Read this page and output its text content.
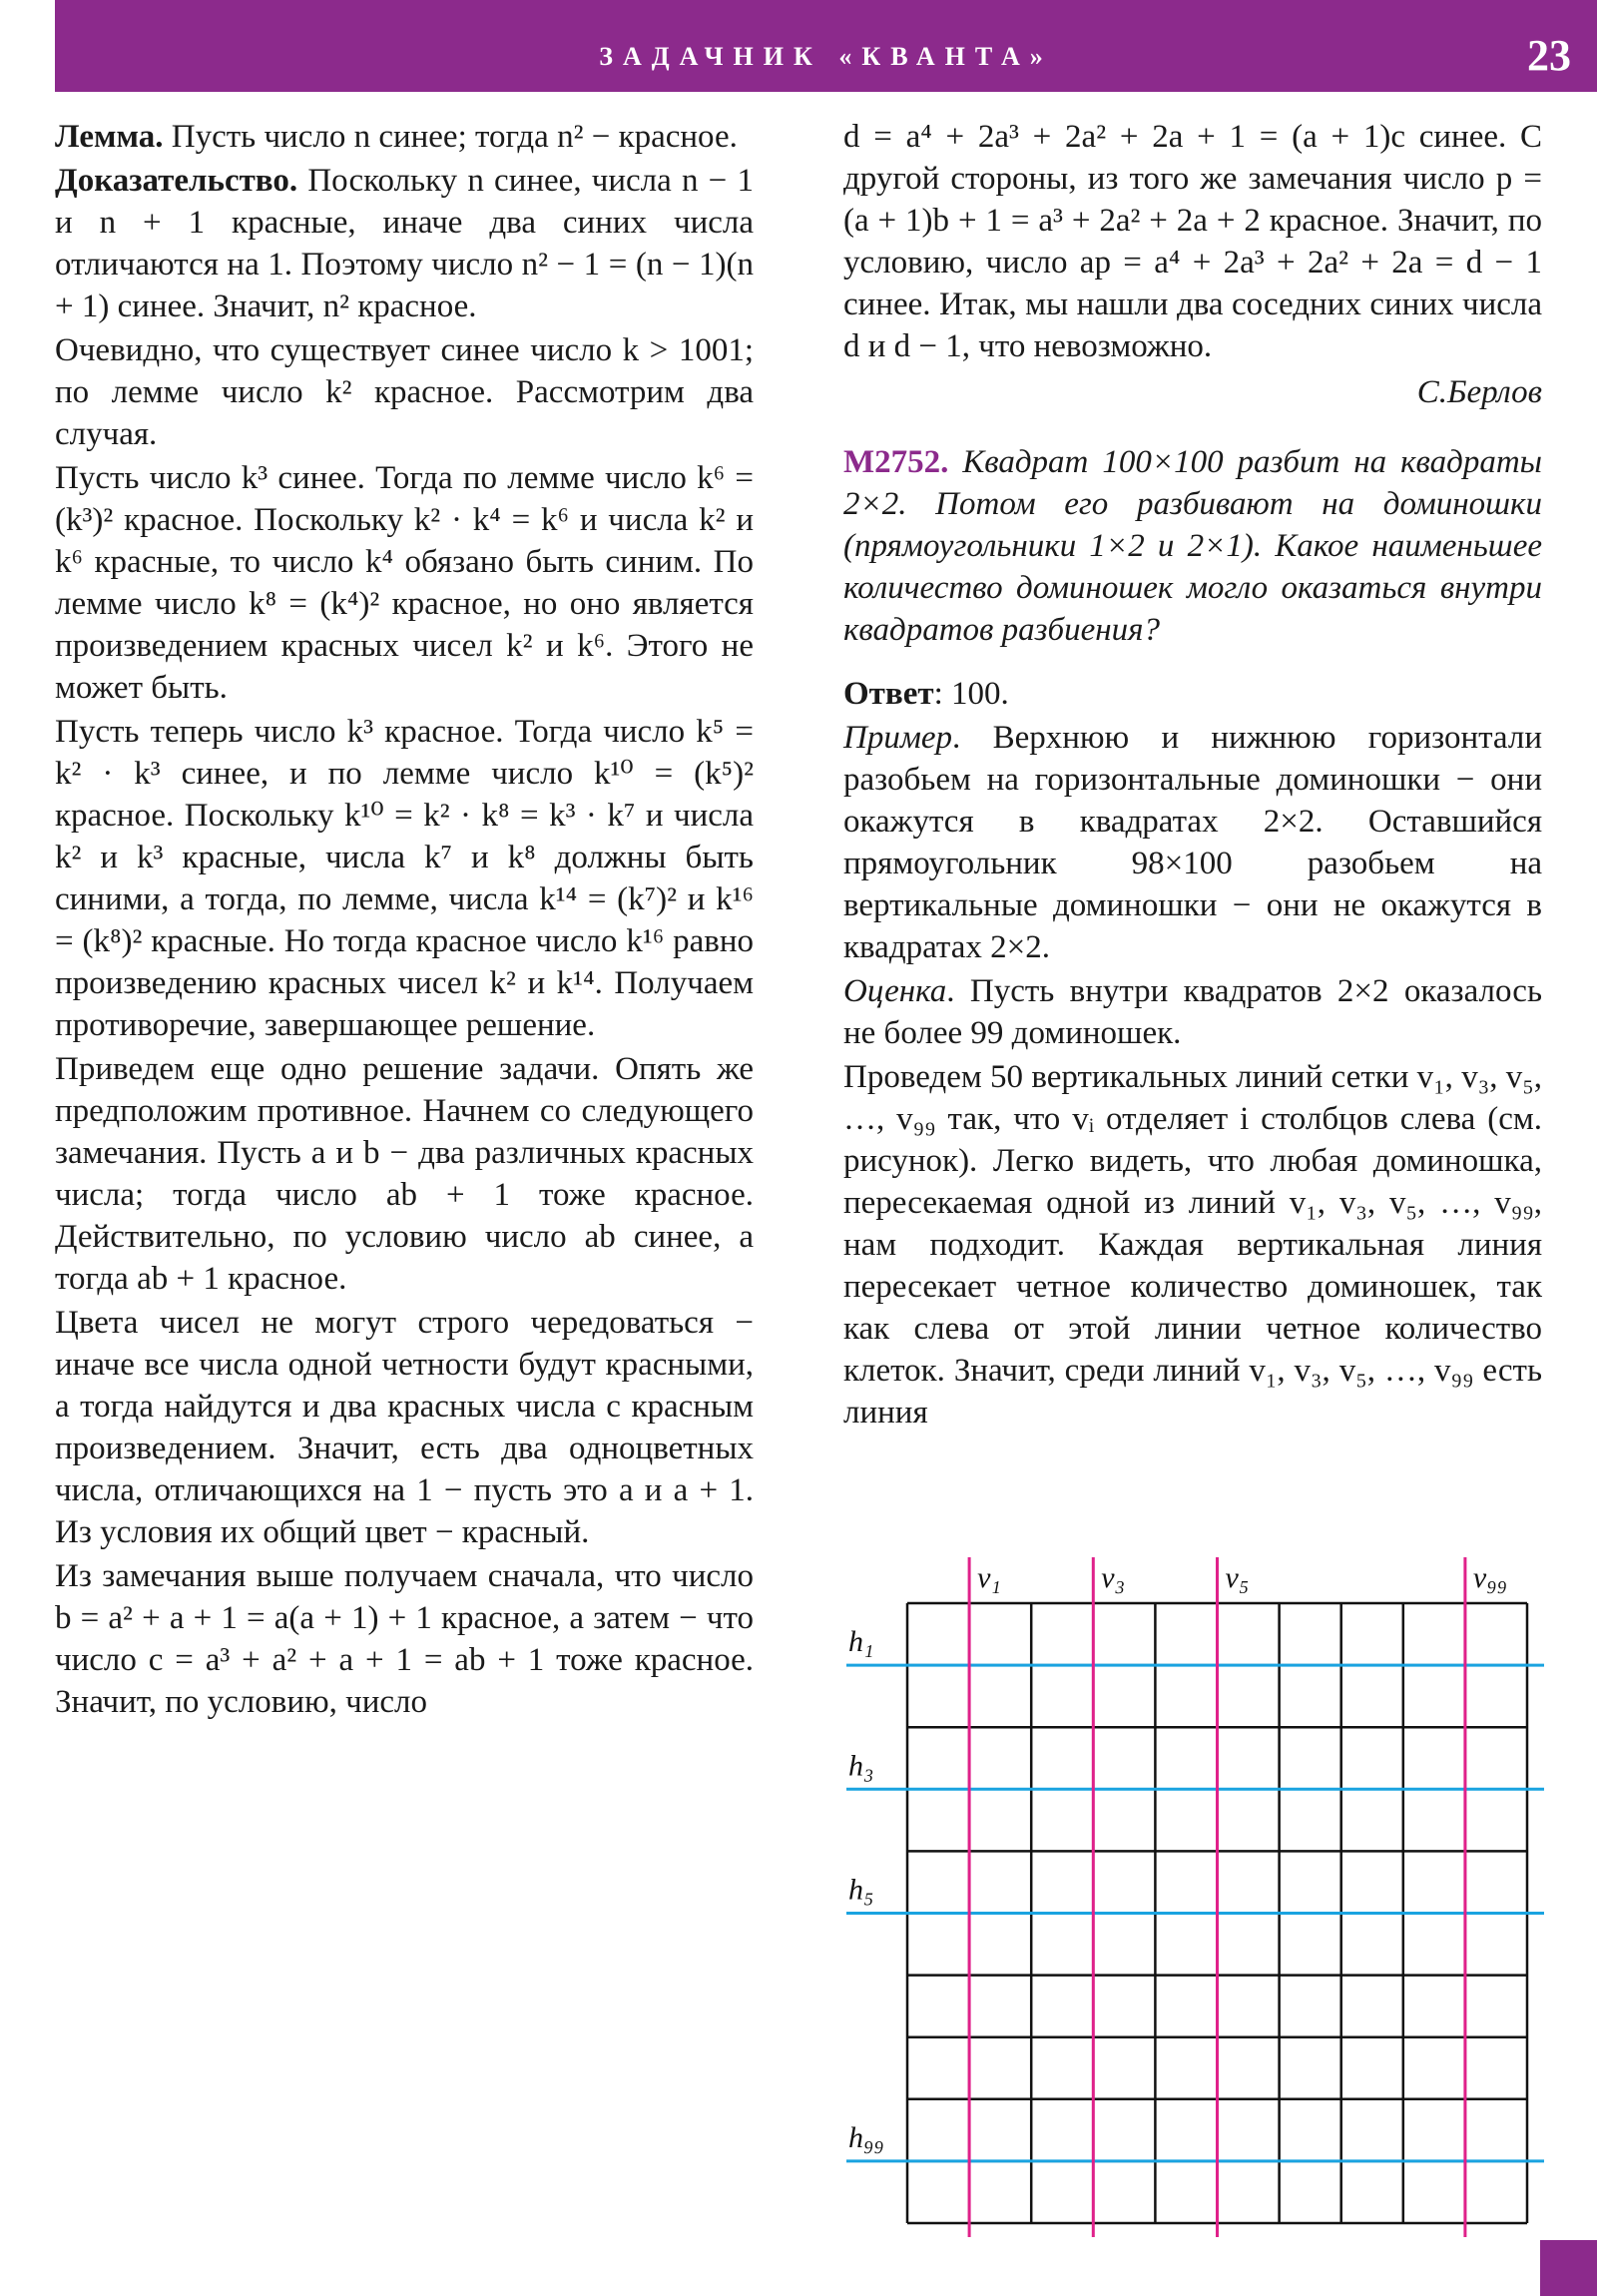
ЗАДАЧНИК «КВАНТА»	23

Лемма. Пусть число n синее; тогда n² − красное.

Доказательство. Поскольку n синее, числа n − 1 и n + 1 красные, иначе два синих числа отличаются на 1. Поэтому число n² − 1 = (n − 1)(n + 1) синее. Значит, n² красное.

Очевидно, что существует синее число k > 1001; по лемме число k² красное. Рассмотрим два случая.

Пусть число k³ синее. Тогда по лемме число k⁶ = (k³)² красное. Поскольку k² · k⁴ = k⁶ и числа k² и k⁶ красные, то число k⁴ обязано быть синим. По лемме число k⁸ = (k⁴)² красное, но оно является произведением красных чисел k² и k⁶. Этого не может быть.

Пусть теперь число k³ красное. Тогда число k⁵ = k² · k³ синее, и по лемме число k¹⁰ = (k⁵)² красное. Поскольку k¹⁰ = k² · k⁸ = k³ · k⁷ и числа k² и k³ красные, числа k⁷ и k⁸ должны быть синими, а тогда, по лемме, числа k¹⁴ = (k⁷)² и k¹⁶ = (k⁸)² красные. Но тогда красное число k¹⁶ равно произведению красных чисел k² и k¹⁴. Получаем противоречие, завершающее решение.

Приведем еще одно решение задачи. Опять же предположим противное. Начнем со следующего замечания. Пусть a и b − два различных красных числа; тогда число ab + 1 тоже красное. Действительно, по условию число ab синее, а тогда ab + 1 красное.

Цвета чисел не могут строго чередоваться − иначе все числа одной четности будут красными, а тогда найдутся и два красных числа с красным произведением. Значит, есть два одноцветных числа, отличающихся на 1 − пусть это a и a + 1. Из условия их общий цвет − красный.

Из замечания выше получаем сначала, что число b = a² + a + 1 = a(a + 1) + 1 красное, а затем − что число c = a³ + a² + a + 1 = ab + 1 тоже красное. Значит, по условию, число

d = a⁴ + 2a³ + 2a² + 2a + 1 = (a + 1)c синее. С другой стороны, из того же замечания число p = (a + 1)b + 1 = a³ + 2a² + 2a + 2 красное. Значит, по условию, число ap = a⁴ + 2a³ + 2a² + 2a = d − 1 синее. Итак, мы нашли два соседних синих числа d и d − 1, что невозможно.

С.Берлов

М2752. Квадрат 100×100 разбит на квадраты 2×2. Потом его разбивают на доминошки (прямоугольники 1×2 и 2×1). Какое наименьшее количество доминошек могло оказаться внутри квадратов разбиения?

Ответ: 100.

Пример. Верхнюю и нижнюю горизонтали разобьем на горизонтальные доминошки − они окажутся в квадратах 2×2. Оставшийся прямоугольник 98×100 разобьем на вертикальные доминошки − они не окажутся в квадратах 2×2.

Оценка. Пусть внутри квадратов 2×2 оказалось не более 99 доминошек.

Проведем 50 вертикальных линий сетки v₁, v₃, v₅, …, v₉₉ так, что vᵢ отделяет i столбцов слева (см. рисунок). Легко видеть, что любая доминошка, пересекаемая одной из линий v₁, v₃, v₅, …, v₉₉, нам подходит. Каждая вертикальная линия пересекает четное количество доминошек, так как слева от этой линии четное количество клеток. Значит, среди линий v₁, v₃, v₅, …, v₉₉ есть линия

h₁
h₃
h₅
h₉₉
v₁	v₃	v₅	v₉₉
